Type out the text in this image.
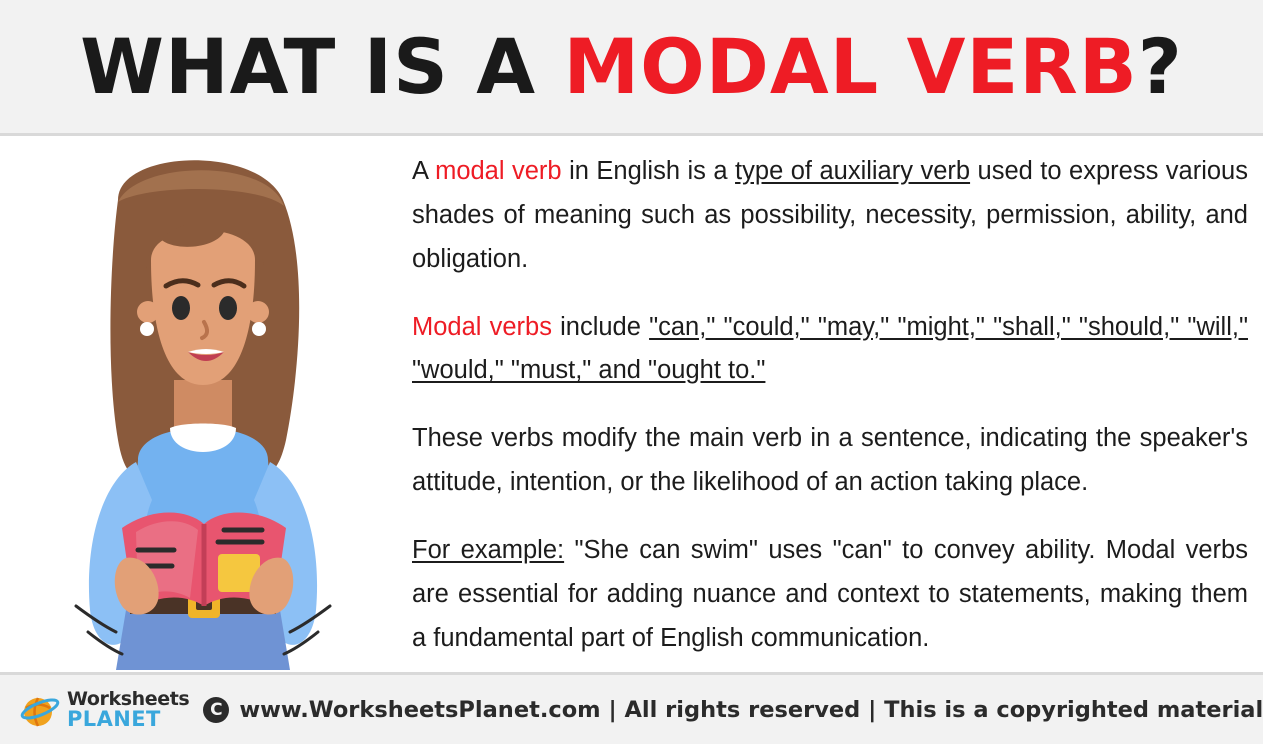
WHAT IS A MODAL VERB?

A modal verb in English is a type of auxiliary verb used to express various shades of meaning such as possibility, necessity, permission, ability, and obligation.

Modal verbs include "can," "could," "may," "might," "shall," "should," "will," "would," "must," and "ought to."

These verbs modify the main verb in a sentence, indicating the speaker's attitude, intention, or the likelihood of an action taking place.

For example: "She can swim" uses "can" to convey ability. Modal verbs are essential for adding nuance and context to statements, making them a fundamental part of English communication.

Worksheets
PLANET	C www.WorksheetsPlanet.com | All rights reserved | This is a copyrighted material
